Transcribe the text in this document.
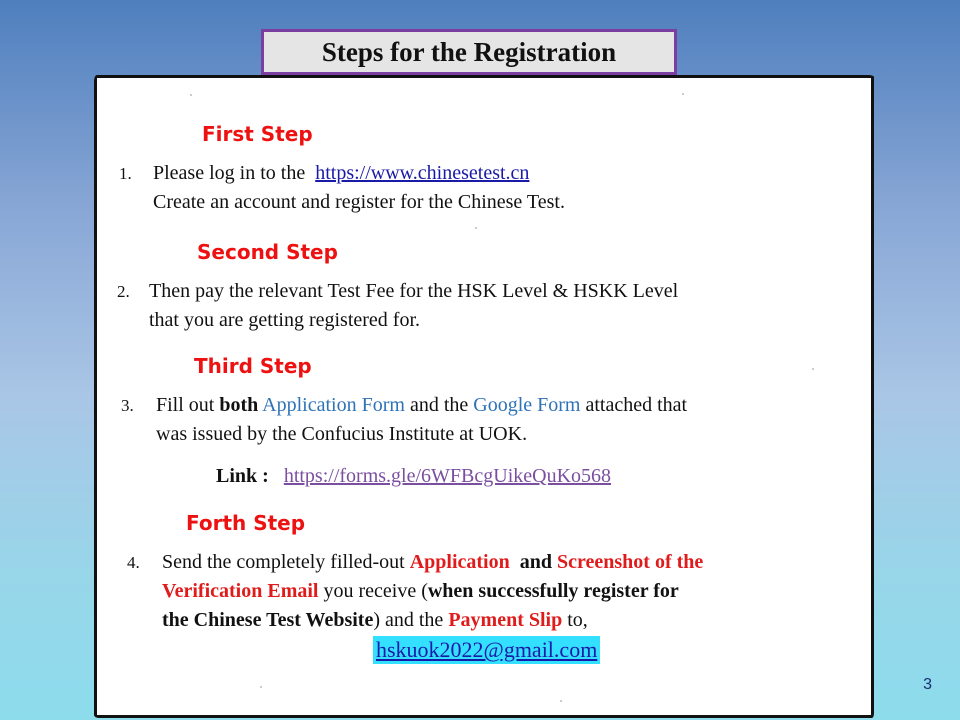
Steps for the Registration
First Step
1. Please log in to the https://www.chinesetest.cn
Create an account and register for the Chinese Test.
Second Step
2. Then pay the relevant Test Fee for the HSK Level & HSKK Level
that you are getting registered for.
Third Step
3. Fill out both Application Form and the Google Form attached that
was issued by the Confucius Institute at UOK.
Link : https://forms.gle/6WFBcgUikeQuKo568
Forth Step
4. Send the completely filled-out Application and Screenshot of the
Verification Email you receive (when successfully register for
the Chinese Test Website) and the Payment Slip to,
hskuok2022@gmail.com
3
